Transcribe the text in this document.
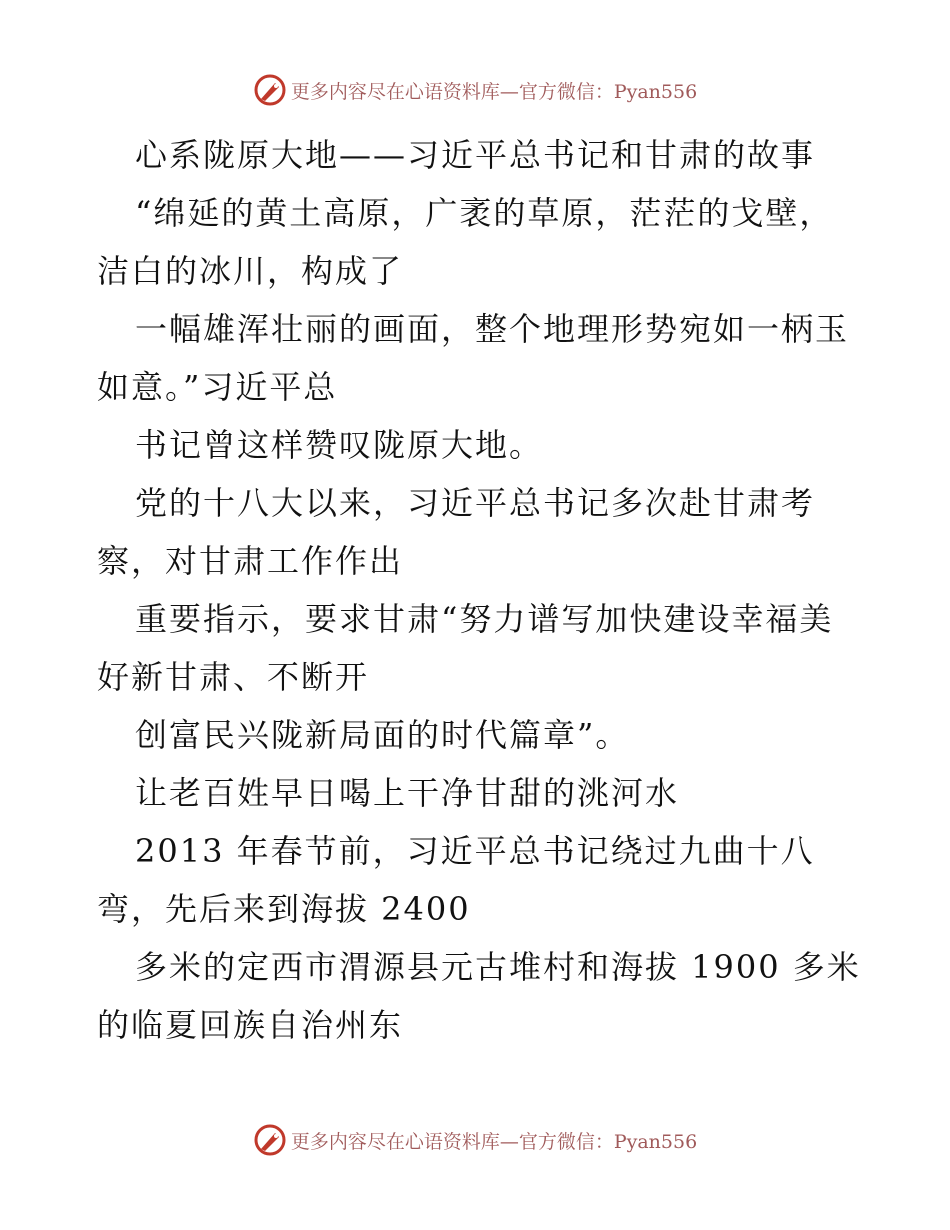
更多内容尽在心语资料库—官方微信：Pyan556
心系陇原大地——习近平总书记和甘肃的故事
“绵延的黄土高原，广袤的草原，茫茫的戈壁，
洁白的冰川，构成了
一幅雄浑壮丽的画面，整个地理形势宛如一柄玉
如意。”习近平总
书记曾这样赞叹陇原大地。
党的十八大以来，习近平总书记多次赴甘肃考
察，对甘肃工作作出
重要指示，要求甘肃“努力谱写加快建设幸福美
好新甘肃、不断开
创富民兴陇新局面的时代篇章”。
让老百姓早日喝上干净甘甜的洮河水
2013 年春节前，习近平总书记绕过九曲十八
弯，先后来到海拔 2400
多米的定西市渭源县元古堆村和海拔 1900 多米
的临夏回族自治州东
更多内容尽在心语资料库—官方微信：Pyan556
